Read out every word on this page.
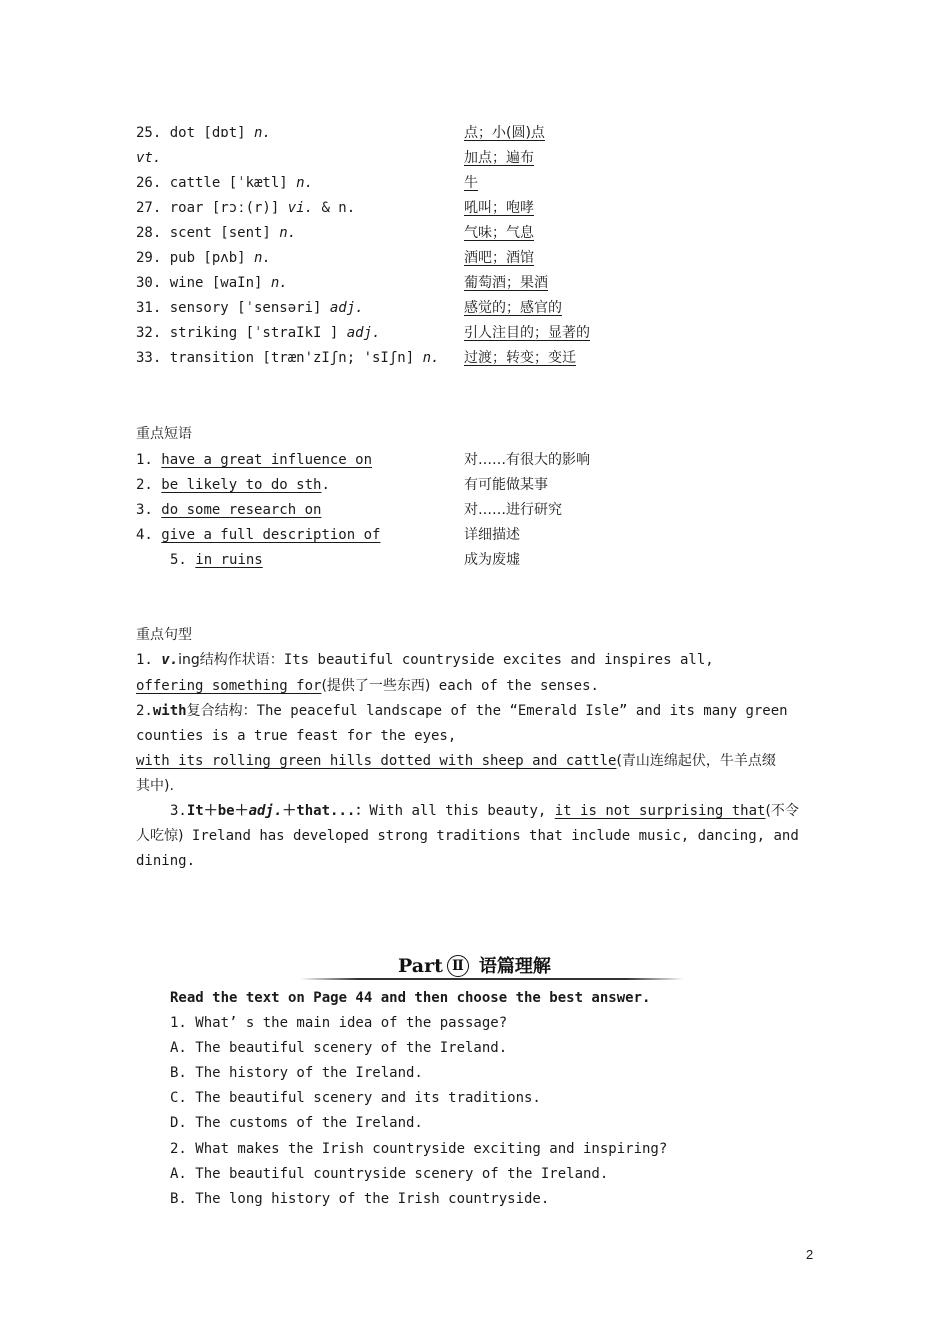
25. dot [dɒt] n.	点；小(圆)点
vt.	加点；遍布
26. cattle [ˈkætl] n.	牛
27. roar [rɔː(r)] vi. & n.	吼叫；咆哮
28. scent [sent] n.	气味；气息
29. pub [pʌb] n.	酒吧；酒馆
30. wine [waIn] n.	葡萄酒；果酒
31. sensory [ˈsensəri] adj.	感觉的；感官的
32. striking [ˈstraIkI ] adj.	引人注目的；显著的
33. transition [træn'zIʃn; 'sIʃn] n. 过渡；转变；变迁
重点短语
1. have a great influence on	对……有很大的影响
2. be likely to do sth.	有可能做某事
3. do some research on	对……进行研究
4. give a full description of	详细描述
5. in ruins	成为废墟
重点句型
1. v.ing结构作状语：Its beautiful countryside excites and inspires all,
offering something for(提供了一些东西) each of the senses.
2.with复合结构：The peaceful landscape of the “Emerald Isle” and its many green
counties is a true feast for the eyes,
with its rolling green hills dotted with sheep and cattle(青山连绵起伏，牛羊点缀
其中).
3.It＋be＋adj.＋that...：With all this beauty, it is not surprising that(不令
人吃惊) Ireland has developed strong traditions that include music, dancing, and
dining.
Part Ⅱ 语篇理解
Read the text on Page 44 and then choose the best answer.
1. What’ s the main idea of the passage?
A. The beautiful scenery of the Ireland.
B. The history of the Ireland.
C. The beautiful scenery and its traditions.
D. The customs of the Ireland.
2. What makes the Irish countryside exciting and inspiring?
A. The beautiful countryside scenery of the Ireland.
B. The long history of the Irish countryside.
2
